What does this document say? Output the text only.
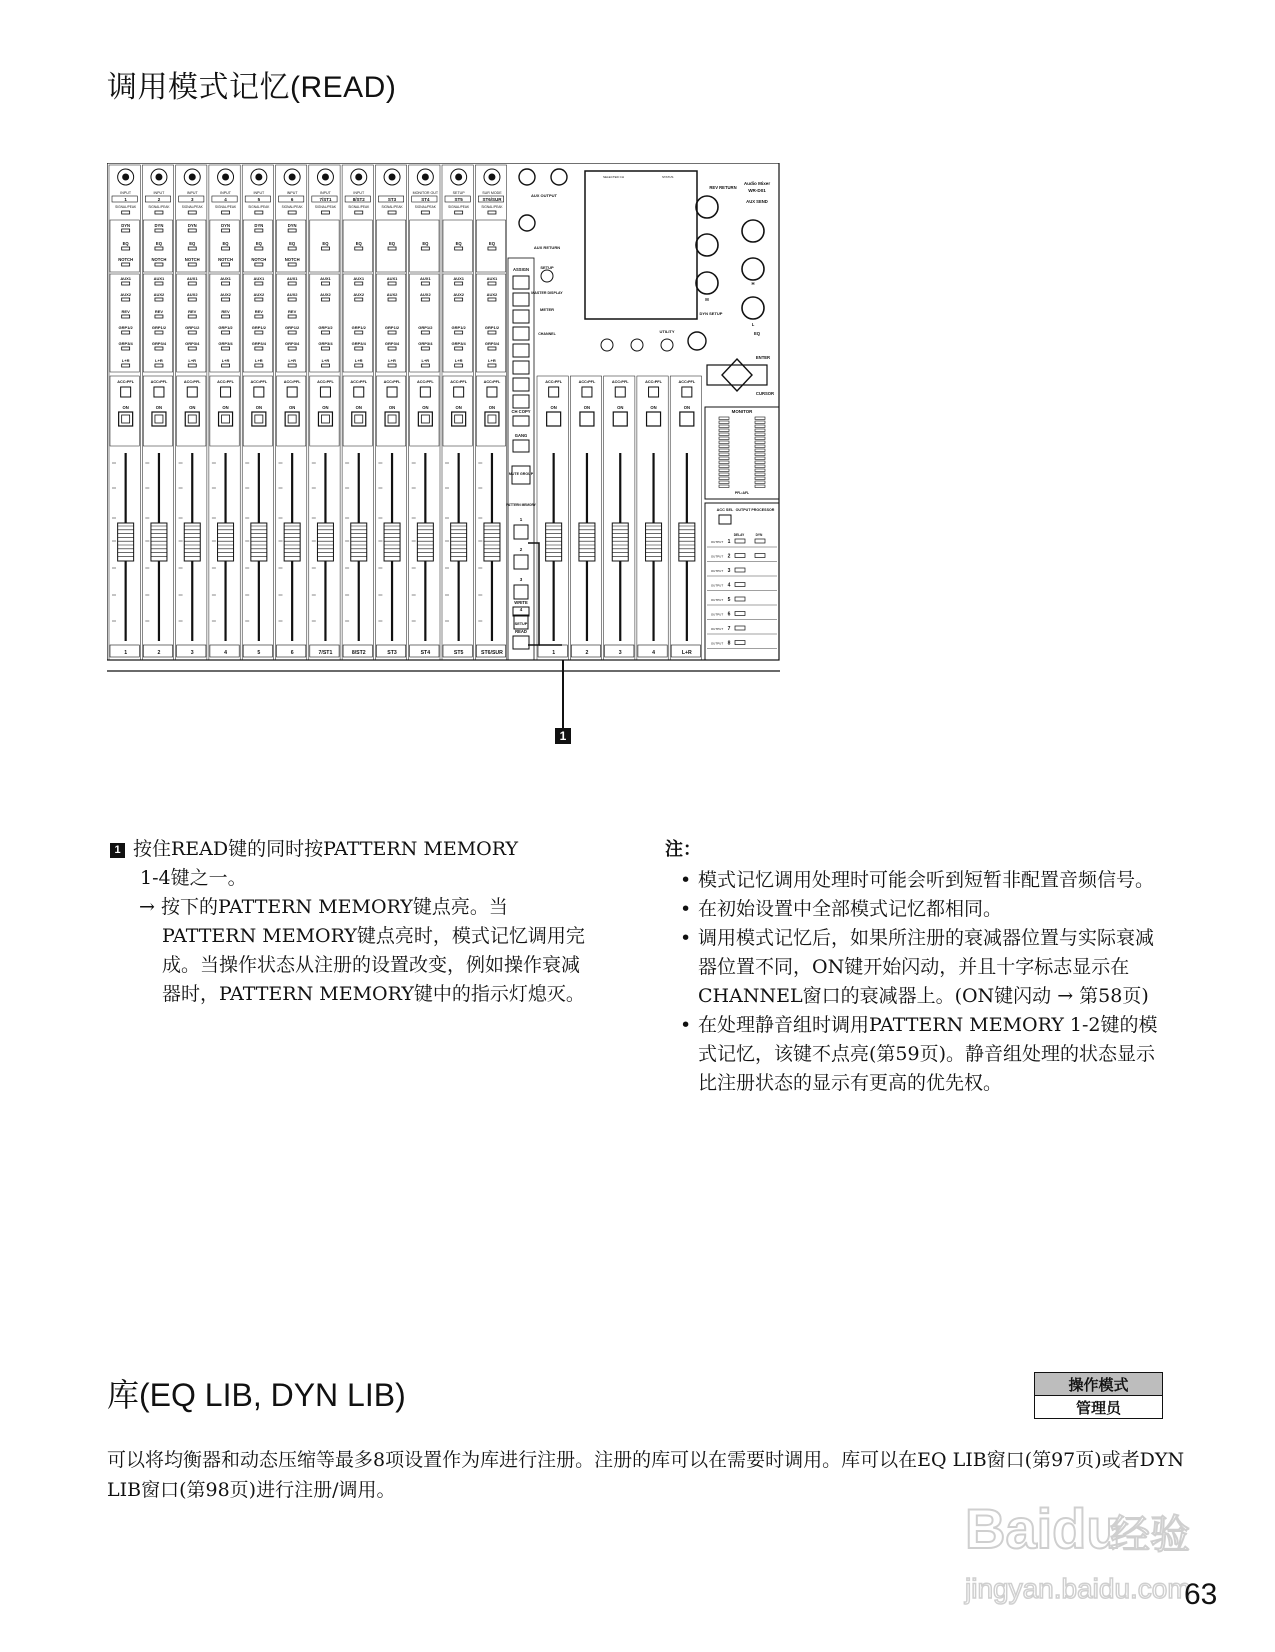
调用模式记忆(READ)
INPUT
1
SIGNAL/PEAK
DYN
EQ
NOTCH
AUX1
AUX2
REV
GRP1/2
GRP3/4
L+R
ACC•PFL
ON
1
INPUT
2
SIGNAL/PEAK
DYN
EQ
NOTCH
AUX1
AUX2
REV
GRP1/2
GRP3/4
L+R
ACC•PFL
ON
2
INPUT
3
SIGNAL/PEAK
DYN
EQ
NOTCH
AUX1
AUX2
REV
GRP1/2
GRP3/4
L+R
ACC•PFL
ON
3
INPUT
4
SIGNAL/PEAK
DYN
EQ
NOTCH
AUX1
AUX2
REV
GRP1/2
GRP3/4
L+R
ACC•PFL
ON
4
INPUT
5
SIGNAL/PEAK
DYN
EQ
NOTCH
AUX1
AUX2
REV
GRP1/2
GRP3/4
L+R
ACC•PFL
ON
5
INPUT
6
SIGNAL/PEAK
DYN
EQ
NOTCH
AUX1
AUX2
REV
GRP1/2
GRP3/4
L+R
ACC•PFL
ON
6
INPUT
7/ST1
SIGNAL/PEAK
EQ
AUX1
AUX2
GRP1/2
GRP3/4
L+R
ACC•PFL
ON
7/ST1
INPUT
8/ST2
SIGNAL/PEAK
EQ
AUX1
AUX2
GRP1/2
GRP3/4
L+R
ACC•PFL
ON
8/ST2
ST3
SIGNAL/PEAK
EQ
AUX1
AUX2
GRP1/2
GRP3/4
L+R
ACC•PFL
ON
ST3
MONITOR OUT
ST4
SIGNAL/PEAK
EQ
AUX1
AUX2
GRP1/2
GRP3/4
L+R
ACC•PFL
ON
ST4
SETUP
ST5
SIGNAL/PEAK
EQ
AUX1
AUX2
GRP1/2
GRP3/4
L+R
ACC•PFL
ON
ST5
SUR MODE
ST6/SUR
SIGNAL/PEAK
EQ
AUX1
AUX2
GRP1/2
GRP3/4
L+R
ACC•PFL
ON
ST6/SUR
ASSIGN
CH COPY
GANG
MUTE GROUP
PATTERN MEMORY
1
2
3
4
WRITE
SETUP
READ
ACC•PFL
ON
1
ACC•PFL
ON
2
ACC•PFL
ON
3
ACC•PFL
ON
4
ACC•PFL
ON
L+R
AUX OUTPUT
AUX RETURN
SETUP
MASTER DISPLAY
METER
CHANNEL
SELECTED CH	STATUS
UTILITY
REV RETURN
Audio Mixer
WR-D01
AUX SEND
H
M
L
DYN SETUP
EQ
ENTER
CURSOR
MONITOR
PFL•AFL
ACC SEL OUTPUT PROCESSOR
DELAY	DYN
OUTPUT 1
OUTPUT 2
OUTPUT 3
OUTPUT 4
OUTPUT 5
OUTPUT 6
OUTPUT 7
OUTPUT 8
1
1 按住READ键的同时按PATTERN MEMORY
1-4键之一。
→ 按下的PATTERN MEMORY键点亮。当PATTERN MEMORY键点亮时，模式记忆调用完成。当操作状态从注册的设置改变，例如操作衰减器时，PATTERN MEMORY键中的指示灯熄灭。
注：
• 模式记忆调用处理时可能会听到短暂非配置音频信号。
• 在初始设置中全部模式记忆都相同。
• 调用模式记忆后，如果所注册的衰减器位置与实际衰减器位置不同，ON键开始闪动，并且十字标志显示在CHANNEL窗口的衰减器上。(ON键闪动 → 第58页)
• 在处理静音组时调用PATTERN MEMORY 1-2键的模式记忆，该键不点亮(第59页)。静音组处理的状态显示比注册状态的显示有更高的优先权。
库(EQ LIB, DYN LIB)	操作模式
管理员
可以将均衡器和动态压缩等最多8项设置作为库进行注册。注册的库可以在需要时调用。库可以在EQ LIB窗口(第97页)或者DYN LIB窗口(第98页)进行注册/调用。
Baidu
经验
jingyan.baidu.com
63
